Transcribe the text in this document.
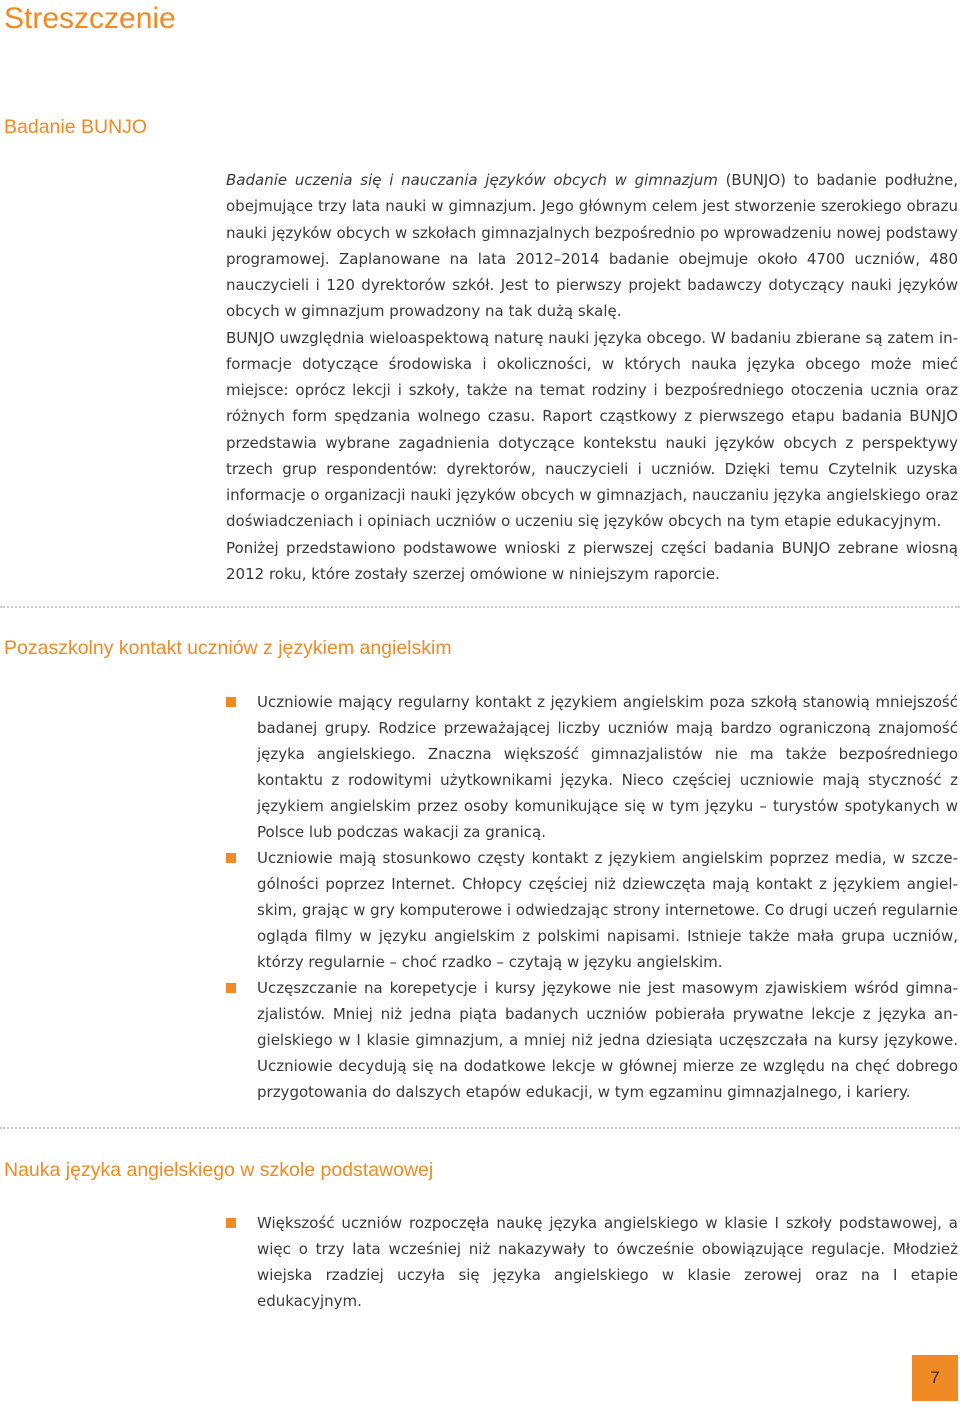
Streszczenie
Badanie BUNJO

Badanie uczenia się i nauczania języków obcych w gimnazjum (BUNJO) to badanie podłużne, obejmujące trzy lata nauki w gimnazjum. Jego głównym celem jest stworzenie szerokiego obrazu nauki języków obcych w szkołach gimnazjalnych bezpośrednio po wprowadzeniu nowej podstawy programowej. Zaplanowane na lata 2012–2014 badanie obejmuje około 4700 uczniów, 480 nauczycieli i 120 dyrektorów szkół. Jest to pierwszy projekt badawczy dotyczący nauki języków obcych w gimnazjum prowadzony na tak dużą skalę.

BUNJO uwzględnia wieloaspektową naturę nauki języka obcego. W badaniu zbierane są zatem informacje dotyczące środowiska i okoliczności, w których nauka języka obcego może mieć miejsce: oprócz lekcji i szkoły, także na temat rodziny i bezpośredniego otoczenia ucznia oraz różnych form spędzania wolnego czasu. Raport cząstkowy z pierwszego etapu badania BUNJO przedstawia wybrane zagadnienia dotyczące kontekstu nauki języków obcych z perspektywy trzech grup respondentów: dyrektorów, nauczycieli i uczniów. Dzięki temu Czytelnik uzyska informacje o organizacji nauki języków obcych w gimnazjach, nauczaniu języka angielskiego oraz doświadczeniach i opiniach uczniów o uczeniu się języków obcych na tym etapie edukacyjnym.

Poniżej przedstawiono podstawowe wnioski z pierwszej części badania BUNJO zebrane wiosną 2012 roku, które zostały szerzej omówione w niniejszym raporcie.

Pozaszkolny kontakt uczniów z językiem angielskim
Uczniowie mający regularny kontakt z językiem angielskim poza szkołą stanowią mniejszość badanej grupy. Rodzice przeważającej liczby uczniów mają bardzo ograniczoną znajomość języka angielskiego. Znaczna większość gimnazjalistów nie ma także bezpośredniego kontaktu z rodowitymi użytkownikami języka. Nieco częściej uczniowie mają styczność z językiem angielskim przez osoby komunikujące się w tym języku – turystów spotykanych w Polsce lub podczas wakacji za granicą.
Uczniowie mają stosunkowo częsty kontakt z językiem angielskim poprzez media, w szczególności poprzez Internet. Chłopcy częściej niż dziewczęta mają kontakt z językiem angielskim, grając w gry komputerowe i odwiedzając strony internetowe. Co drugi uczeń regularnie ogląda filmy w języku angielskim z polskimi napisami. Istnieje także mała grupa uczniów, którzy regularnie – choć rzadko – czytają w języku angielskim.
Uczęszczanie na korepetycje i kursy językowe nie jest masowym zjawiskiem wśród gimnazjalistów. Mniej niż jedna piąta badanych uczniów pobierała prywatne lekcje z języka angielskiego w I klasie gimnazjum, a mniej niż jedna dziesiąta uczęszczała na kursy językowe. Uczniowie decydują się na dodatkowe lekcje w głównej mierze ze względu na chęć dobrego przygotowania do dalszych etapów edukacji, w tym egzaminu gimnazjalnego, i kariery.
Nauka języka angielskiego w szkole podstawowej
Większość uczniów rozpoczęła naukę języka angielskiego w klasie I szkoły podstawowej, a więc o trzy lata wcześniej niż nakazywały to ówcześnie obowiązujące regulacje. Młodzież wiejska rzadziej uczyła się języka angielskiego w klasie zerowej oraz na I etapie edukacyjnym.
7
